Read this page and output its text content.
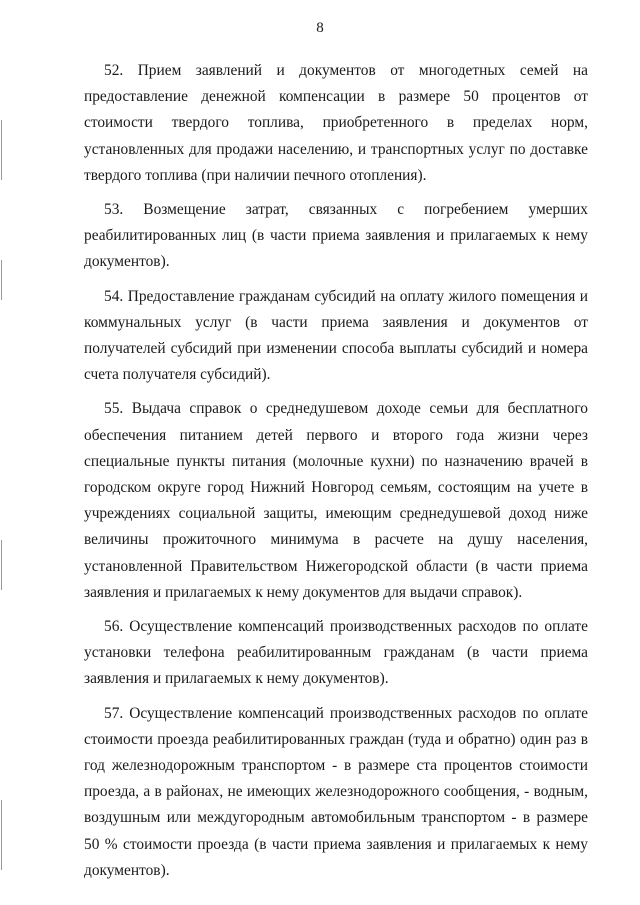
8

52. Прием заявлений и документов от многодетных семей на предоставление денежной компенсации в размере 50 процентов от стоимости твердого топлива, приобретенного в пределах норм, установленных для продажи населению, и транспортных услуг по доставке твердого топлива (при наличии печного отопления).

53. Возмещение затрат, связанных с погребением умерших реабилитированных лиц (в части приема заявления и прилагаемых к нему документов).

54. Предоставление гражданам субсидий на оплату жилого помещения и коммунальных услуг (в части приема заявления и документов от получателей субсидий при изменении способа выплаты субсидий и номера счета получателя субсидий).

55. Выдача справок о среднедушевом доходе семьи для бесплатного обеспечения питанием детей первого и второго года жизни через специальные пункты питания (молочные кухни) по назначению врачей в городском округе город Нижний Новгород семьям, состоящим на учете в учреждениях социальной защиты, имеющим среднедушевой доход ниже величины прожиточного минимума в расчете на душу населения, установленной Правительством Нижегородской области (в части приема заявления и прилагаемых к нему документов для выдачи справок).

56. Осуществление компенсаций производственных расходов по оплате установки телефона реабилитированным гражданам (в части приема заявления и прилагаемых к нему документов).

57. Осуществление компенсаций производственных расходов по оплате стоимости проезда реабилитированных граждан (туда и обратно) один раз в год железнодорожным транспортом - в размере ста процентов стоимости проезда, а в районах, не имеющих железнодорожного сообщения, - водным, воздушным или междугородным автомобильным транспортом - в размере 50 % стоимости проезда (в части приема заявления и прилагаемых к нему документов).
